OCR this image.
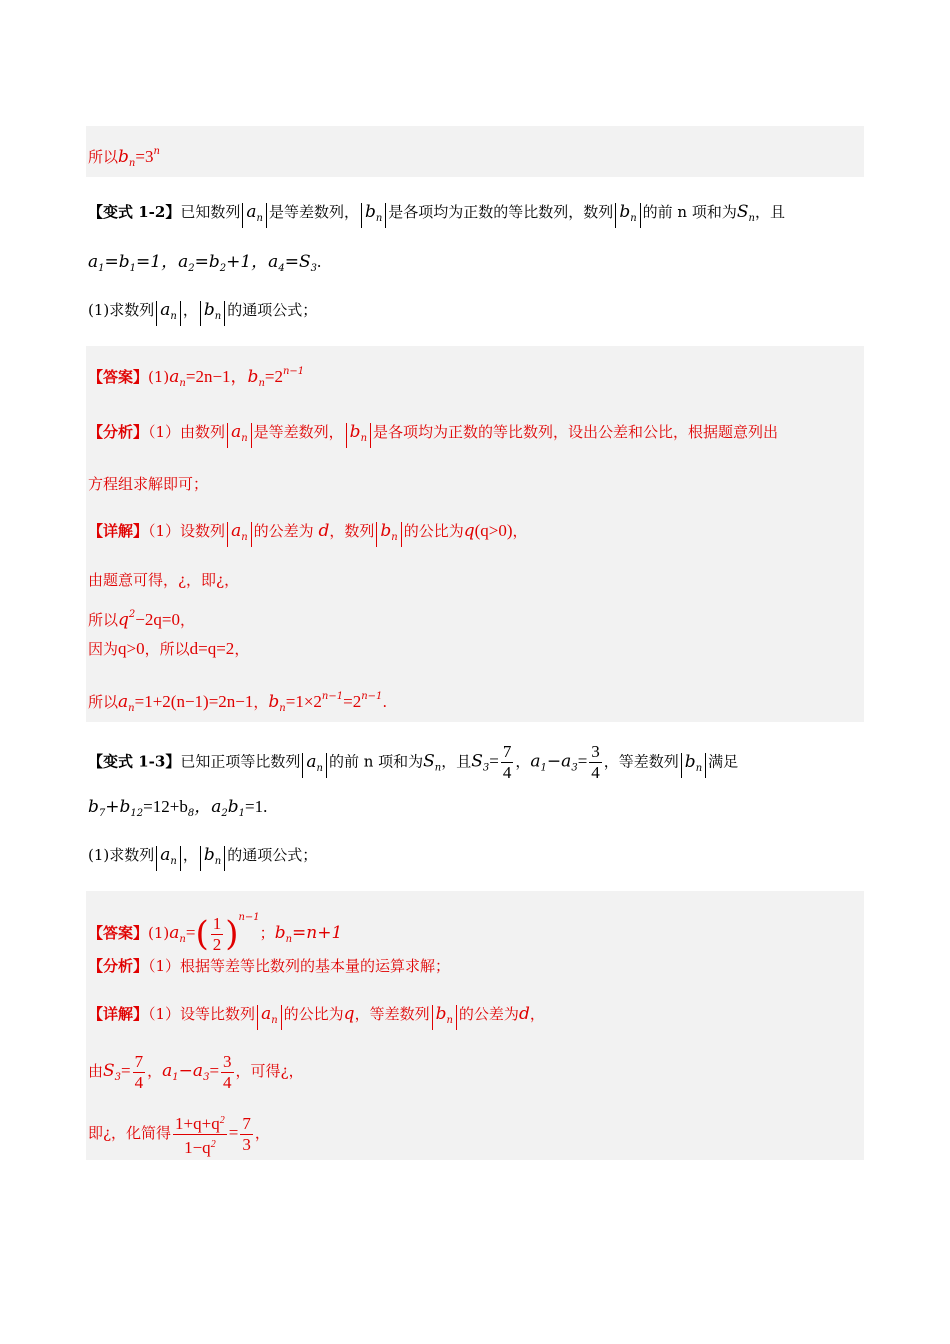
所以$b_n=3^n$
【变式 1-2】已知数列 $a_n$ 是等差数列， $b_n$ 是各项均为正数的等比数列，数列 $b_n$ 的前 n 项和为$S_n$，且
$a_1=b_1=1$，$a_2=b_2+1$，$a_4=S_3$.
(1)求数列 $a_n$ ， $b_n$ 的通项公式；
【答案】$(1)a_n=2n-1$，$b_n=2^{n-1}$
【分析】（1）由数列 $a_n$ 是等差数列， $b_n$ 是各项均为正数的等比数列，设出公差和公比，根据题意列出
方程组求解即可；
【详解】（1）设数列 $a_n$ 的公差为 d，数列 $b_n$ 的公比为q(q>0)，
由题意可得，¿，即¿，
所以$q^2-2q=0$，
因为q>0，所以d=q=2，
所以$a_n=1+2(n-1)=2n-1$，$b_n=1\times 2^{n-1}=2^{n-1}$.
【变式 1-3】已知正项等比数列 $a_n$ 的前 n 项和为$S_n$，且$S_3= \frac{7}{4}$ ，$a_1-a_3= \frac{3}{4}$ ，等差数列 $b_n$ 满足
$b_7+b_{12}=12+b_8$，$a_2b_1=1$.
(1)求数列 $a_n$ ， $b_n$ 的通项公式；
【答案】$(1)a_n=( \frac{1}{2} )^{n-1}$；$b_n=n+1$
【分析】（1）根据等差等比数列的基本量的运算求解；
【详解】（1）设等比数列 $a_n$ 的公比为q，等差数列 $b_n$ 的公差为d，
由$S_3= \frac{7}{4}$ ，$a_1-a_3= \frac{3}{4}$ ，可得¿，
即¿，化简得 $\frac{1+q+q^2}{1-q^2} = \frac{7}{3}$ ，
